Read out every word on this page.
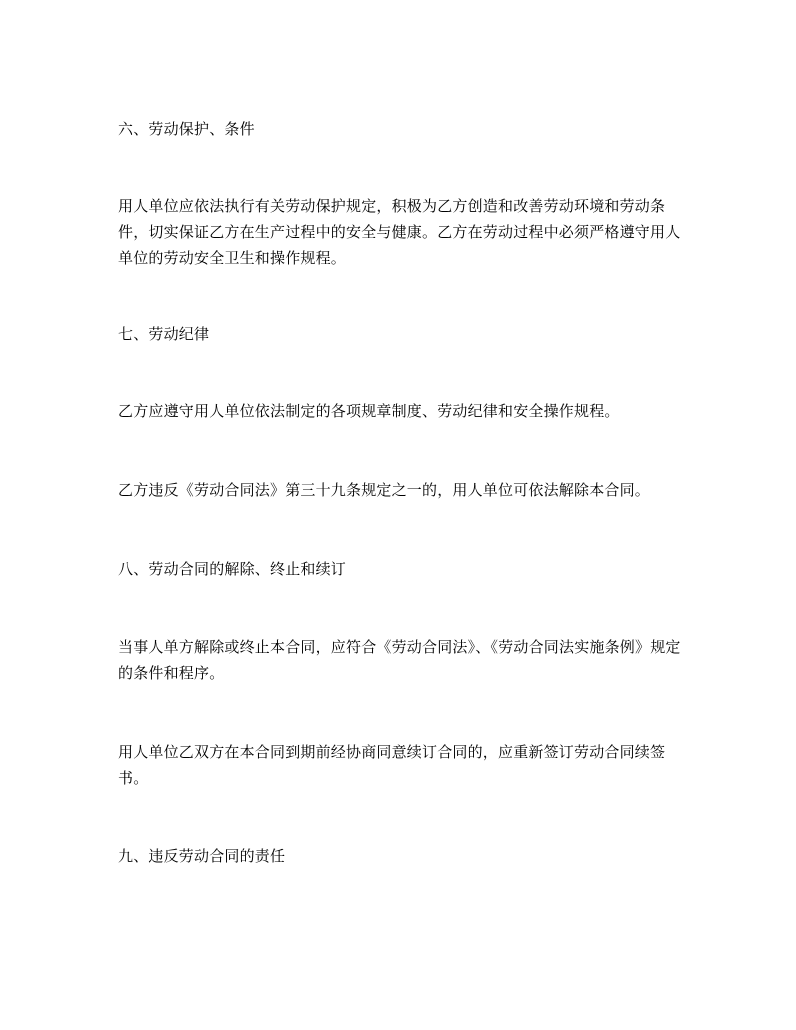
六、劳动保护、条件
用人单位应依法执行有关劳动保护规定，积极为乙方创造和改善劳动环境和劳动条件，切实保证乙方在生产过程中的安全与健康。乙方在劳动过程中必须严格遵守用人单位的劳动安全卫生和操作规程。
七、劳动纪律
乙方应遵守用人单位依法制定的各项规章制度、劳动纪律和安全操作规程。
乙方违反《劳动合同法》第三十九条规定之一的，用人单位可依法解除本合同。
八、劳动合同的解除、终止和续订
当事人单方解除或终止本合同，应符合《劳动合同法》、《劳动合同法实施条例》规定的条件和程序。
用人单位乙双方在本合同到期前经协商同意续订合同的，应重新签订劳动合同续签书。
九、违反劳动合同的责任
